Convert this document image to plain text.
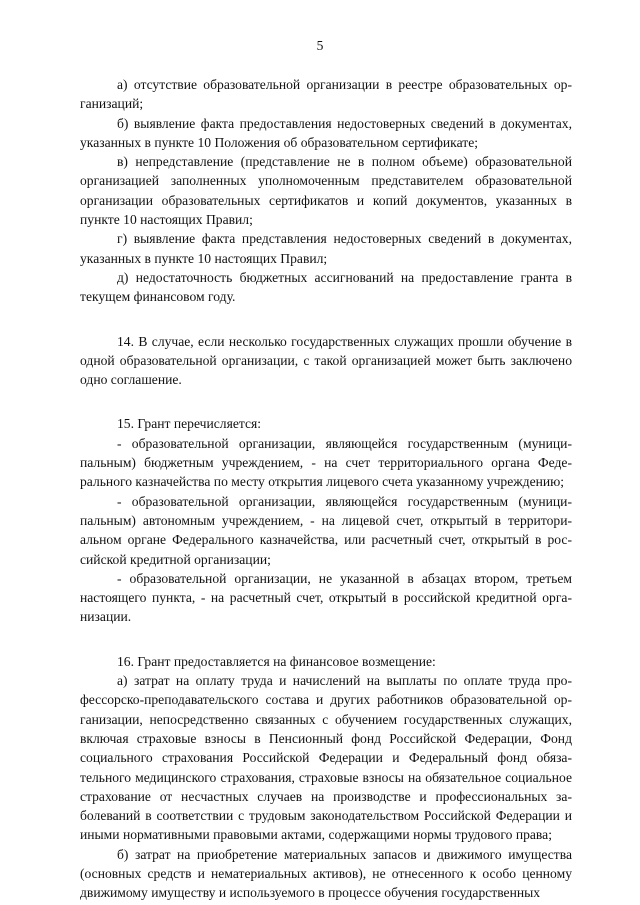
5

а) отсутствие образовательной организации в реестре образовательных организаций;

б) выявление факта предоставления недостоверных сведений в документах, указанных в пункте 10 Положения об образовательном сертификате;

в) непредставление (представление не в полном объеме) образовательной организацией заполненных уполномоченным представителем образовательной организации образовательных сертификатов и копий документов, указанных в пункте 10 настоящих Правил;

г) выявление факта представления недостоверных сведений в документах, указанных в пункте 10 настоящих Правил;

д) недостаточность бюджетных ассигнований на предоставление гранта в текущем финансовом году.

14. В случае, если несколько государственных служащих прошли обучение в одной образовательной организации, с такой организацией может быть заключено одно соглашение.

15. Грант перечисляется:

- образовательной организации, являющейся государственным (муниципальным) бюджетным учреждением, - на счет территориального органа Федерального казначейства по месту открытия лицевого счета указанному учреждению;

- образовательной организации, являющейся государственным (муниципальным) автономным учреждением, - на лицевой счет, открытый в территориальном органе Федерального казначейства, или расчетный счет, открытый в российской кредитной организации;

- образовательной организации, не указанной в абзацах втором, третьем настоящего пункта, - на расчетный счет, открытый в российской кредитной организации.

16. Грант предоставляется на финансовое возмещение:

а) затрат на оплату труда и начислений на выплаты по оплате труда профессорско-преподавательского состава и других работников образовательной организации, непосредственно связанных с обучением государственных служащих, включая страховые взносы в Пенсионный фонд Российской Федерации, Фонд социального страхования Российской Федерации и Федеральный фонд обязательного медицинского страхования, страховые взносы на обязательное социальное страхование от несчастных случаев на производстве и профессиональных заболеваний в соответствии с трудовым законодательством Российской Федерации и иными нормативными правовыми актами, содержащими нормы трудового права;

б) затрат на приобретение материальных запасов и движимого имущества (основных средств и нематериальных активов), не отнесенного к особо ценному движимому имуществу и используемого в процессе обучения государственных
